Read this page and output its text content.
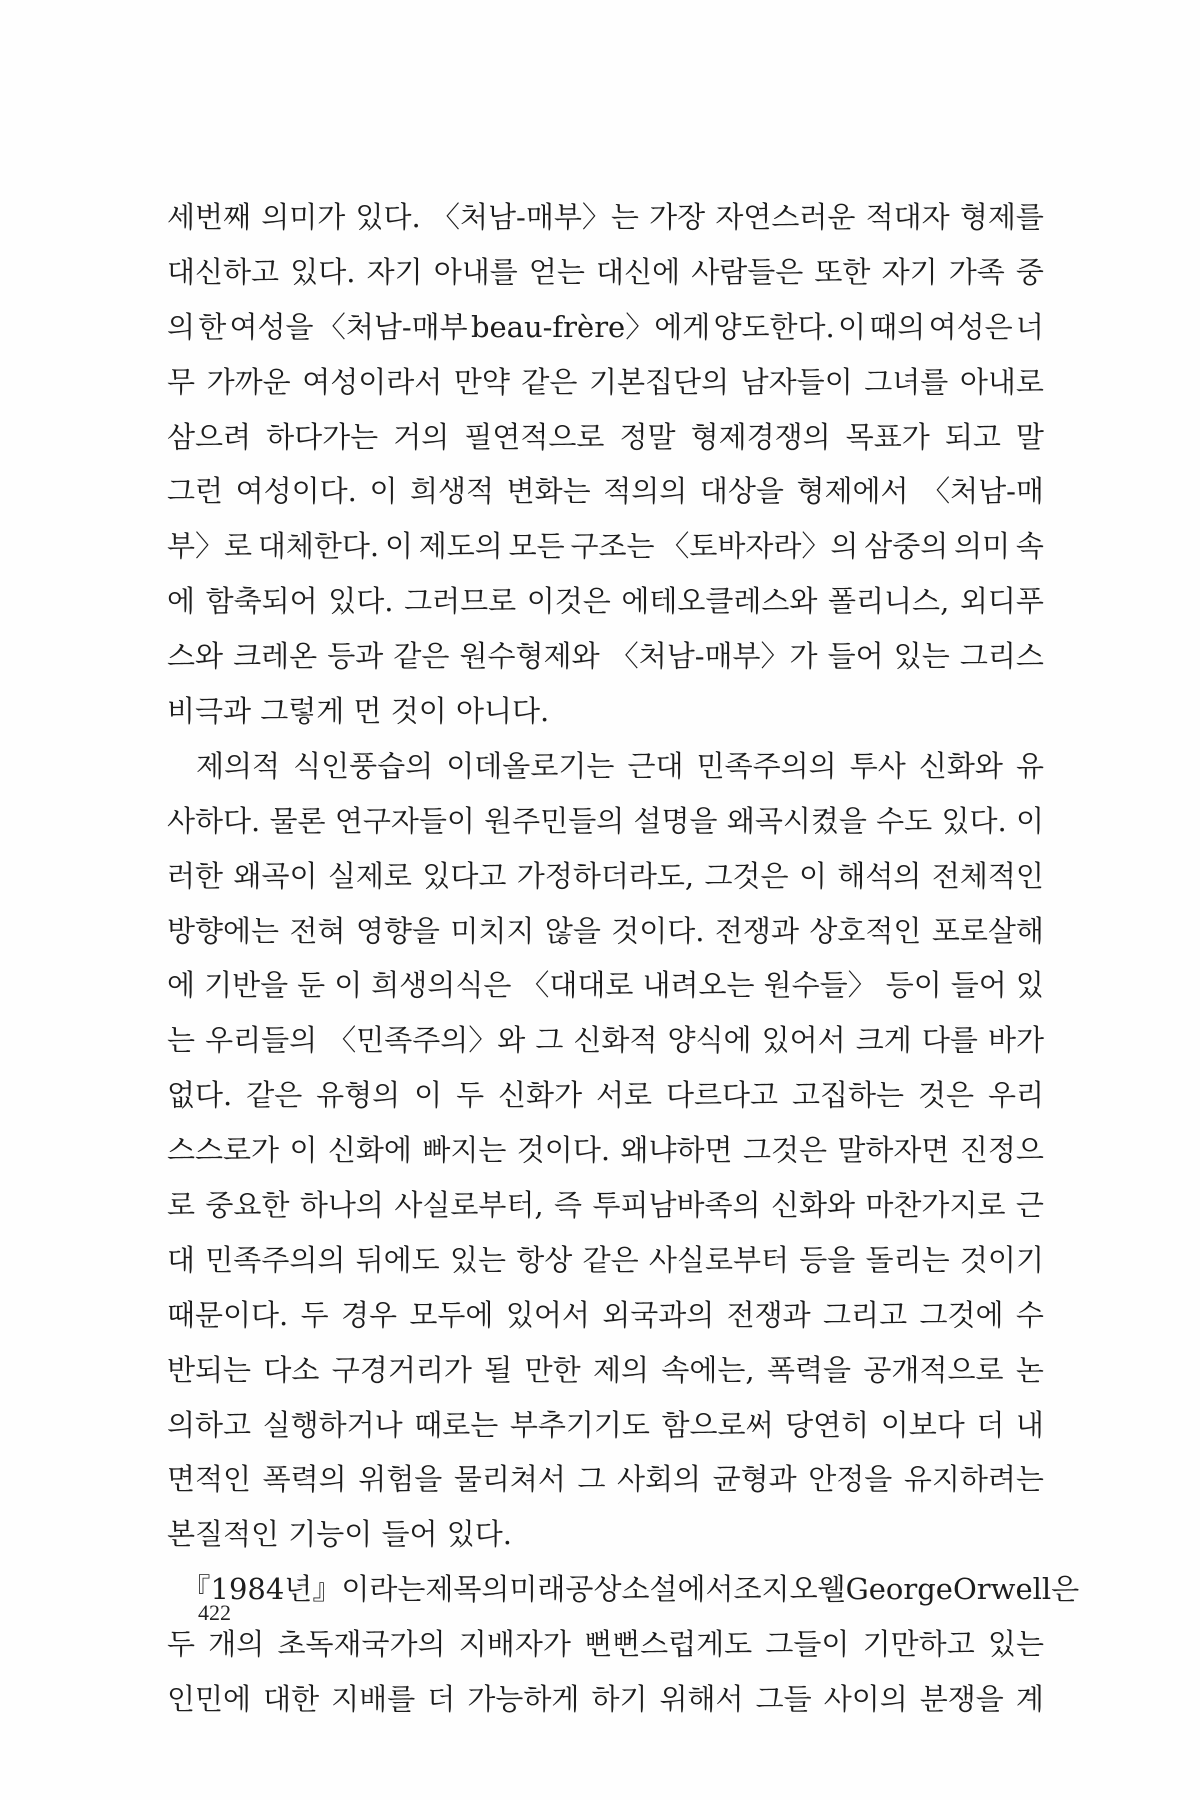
세번째 의미가 있다. 〈처남-매부〉는 가장 자연스러운 적대자 형제를
대신하고 있다. 자기 아내를 얻는 대신에 사람들은 또한 자기 가족 중
의 한 여성을 〈처남-매부 beau-frère〉에게 양도한다. 이 때의 여성은 너
무 가까운 여성이라서 만약 같은 기본집단의 남자들이 그녀를 아내로
삼으려 하다가는 거의 필연적으로 정말 형제경쟁의 목표가 되고 말
그런 여성이다. 이 희생적 변화는 적의의 대상을 형제에서 〈처남-매
부〉로 대체한다. 이 제도의 모든 구조는 〈토바자라〉의 삼중의 의미 속
에 함축되어 있다. 그러므로 이것은 에테오클레스와 폴리니스, 외디푸
스와 크레온 등과 같은 원수형제와 〈처남-매부〉가 들어 있는 그리스
비극과 그렇게 먼 것이 아니다.
　제의적 식인풍습의 이데올로기는 근대 민족주의의 투사 신화와 유
사하다. 물론 연구자들이 원주민들의 설명을 왜곡시켰을 수도 있다. 이
러한 왜곡이 실제로 있다고 가정하더라도, 그것은 이 해석의 전체적인
방향에는 전혀 영향을 미치지 않을 것이다. 전쟁과 상호적인 포로살해
에 기반을 둔 이 희생의식은 〈대대로 내려오는 원수들〉 등이 들어 있
는 우리들의 〈민족주의〉와 그 신화적 양식에 있어서 크게 다를 바가
없다. 같은 유형의 이 두 신화가 서로 다르다고 고집하는 것은 우리
스스로가 이 신화에 빠지는 것이다. 왜냐하면 그것은 말하자면 진정으
로 중요한 하나의 사실로부터, 즉 투피남바족의 신화와 마찬가지로 근
대 민족주의의 뒤에도 있는 항상 같은 사실로부터 등을 돌리는 것이기
때문이다. 두 경우 모두에 있어서 외국과의 전쟁과 그리고 그것에 수
반되는 다소 구경거리가 될 만한 제의 속에는, 폭력을 공개적으로 논
의하고 실행하거나 때로는 부추기기도 함으로써 당연히 이보다 더 내
면적인 폭력의 위험을 물리쳐서 그 사회의 균형과 안정을 유지하려는
본질적인 기능이 들어 있다.
　『1984년』이라는 제목의 미래공상소설에서 조지 오웰 George Orwell은
두 개의 초독재국가의 지배자가 뻔뻔스럽게도 그들이 기만하고 있는
인민에 대한 지배를 더 가능하게 하기 위해서 그들 사이의 분쟁을 계
422
